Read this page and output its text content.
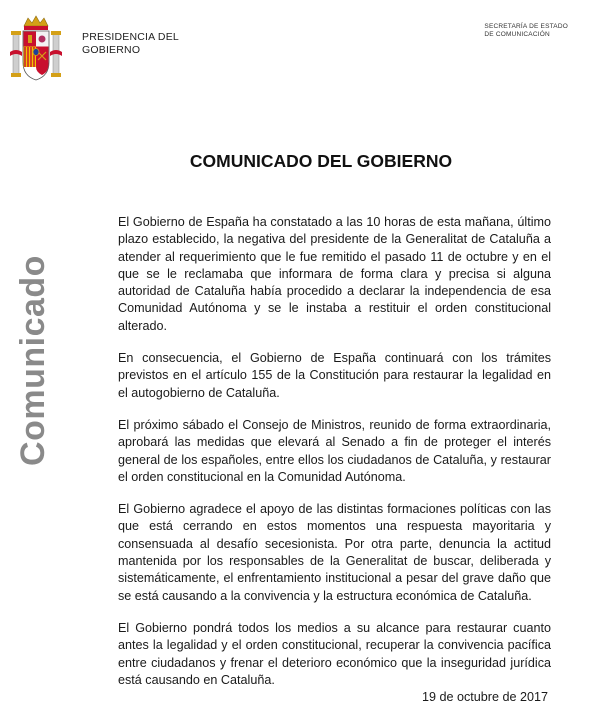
PRESIDENCIA DEL
GOBIERNO
SECRETARÍA DE ESTADO
DE COMUNICACIÓN
Comunicado
COMUNICADO DEL GOBIERNO

El Gobierno de España ha constatado a las 10 horas de esta mañana, último plazo establecido, la negativa del presidente de la Generalitat de Cataluña a atender al requerimiento que le fue remitido el pasado 11 de octubre y en el que se le reclamaba que informara de forma clara y precisa si alguna autoridad de Cataluña había procedido a declarar la independencia de esa Comunidad Autónoma y se le instaba a restituir el orden constitucional alterado.

En consecuencia, el Gobierno de España continuará con los trámites previstos en el artículo 155 de la Constitución para restaurar la legalidad en el autogobierno de Cataluña.

El próximo sábado el Consejo de Ministros, reunido de forma extraordinaria, aprobará las medidas que elevará al Senado a fin de proteger el interés general de los españoles, entre ellos los ciudadanos de Cataluña, y restaurar el orden constitucional en la Comunidad Autónoma.

El Gobierno agradece el apoyo de las distintas formaciones políticas con las que está cerrando en estos momentos una respuesta mayoritaria y consensuada al desafío secesionista. Por otra parte, denuncia la actitud mantenida por los responsables de la Generalitat de buscar, deliberada y sistemáticamente, el enfrentamiento institucional a pesar del grave daño que se está causando a la convivencia y la estructura económica de Cataluña.

El Gobierno pondrá todos los medios a su alcance para restaurar cuanto antes la legalidad y el orden constitucional, recuperar la convivencia pacífica entre ciudadanos y frenar el deterioro económico que la inseguridad jurídica está causando en Cataluña.

19 de octubre de 2017
